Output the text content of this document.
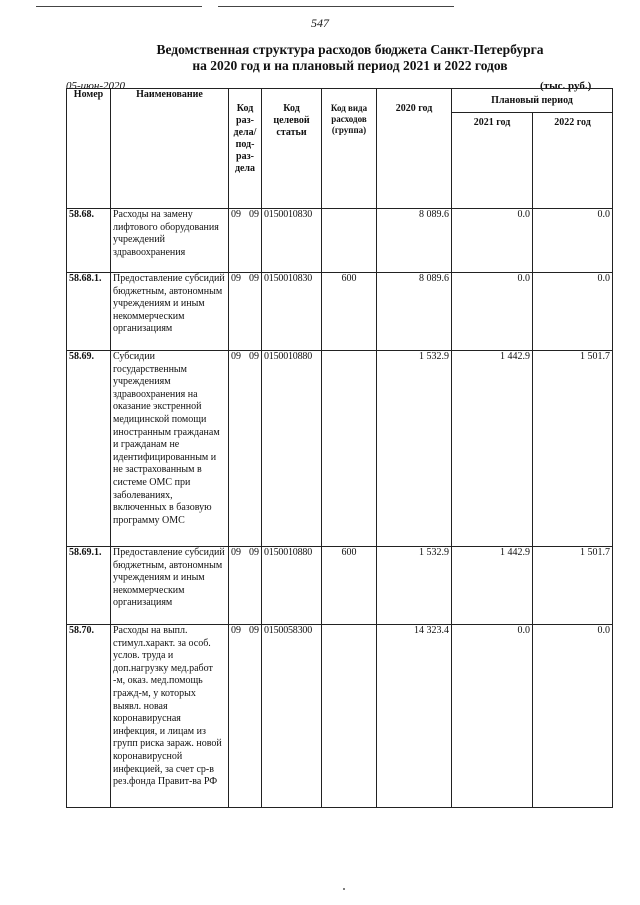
547
Ведомственная структура расходов бюджета Санкт-Петербурга
на 2020 год и на плановый период 2021 и 2022 годов
05-июн-2020	(тыс. руб.)
Номер	Наименование	Код раз- дела/ под- раз- дела	Код целевой статьи	Код вида расходов (группа)	2020 год	Плановый период	
						2021 год	2022 год
58.68.	Расходы на замену лифтового оборудования учреждений здравоохранения	09 09	0150010830		8 089.6	0.0	0.0
58.68.1.	Предоставление субсидий бюджетным, автономным учреждениям и иным некоммерческим организациям	09 09	0150010830	600	8 089.6	0.0	0.0
58.69.	Субсидии государственным учреждениям здравоохранения на оказание экстренной медицинской помощи иностранным гражданам и гражданам не идентифицированным и не застрахованным в системе ОМС при заболеваниях, включенных в базовую программу ОМС	09 09	0150010880		1 532.9	1 442.9	1 501.7
58.69.1.	Предоставление субсидий бюджетным, автономным учреждениям и иным некоммерческим организациям	09 09	0150010880	600	1 532.9	1 442.9	1 501.7
58.70.	Расходы на выпл. стимул.характ. за особ. услов. труда и доп.нагрузку мед.работ -м, оказ. мед.помощь гражд-м, у которых выявл. новая коронавирусная инфекция, и лицам из групп риска зараж. новой коронавирусной инфекцией, за счет ср-в рез.фонда Правит-ва РФ	09 09	0150058300		14 323.4	0.0	0.0
